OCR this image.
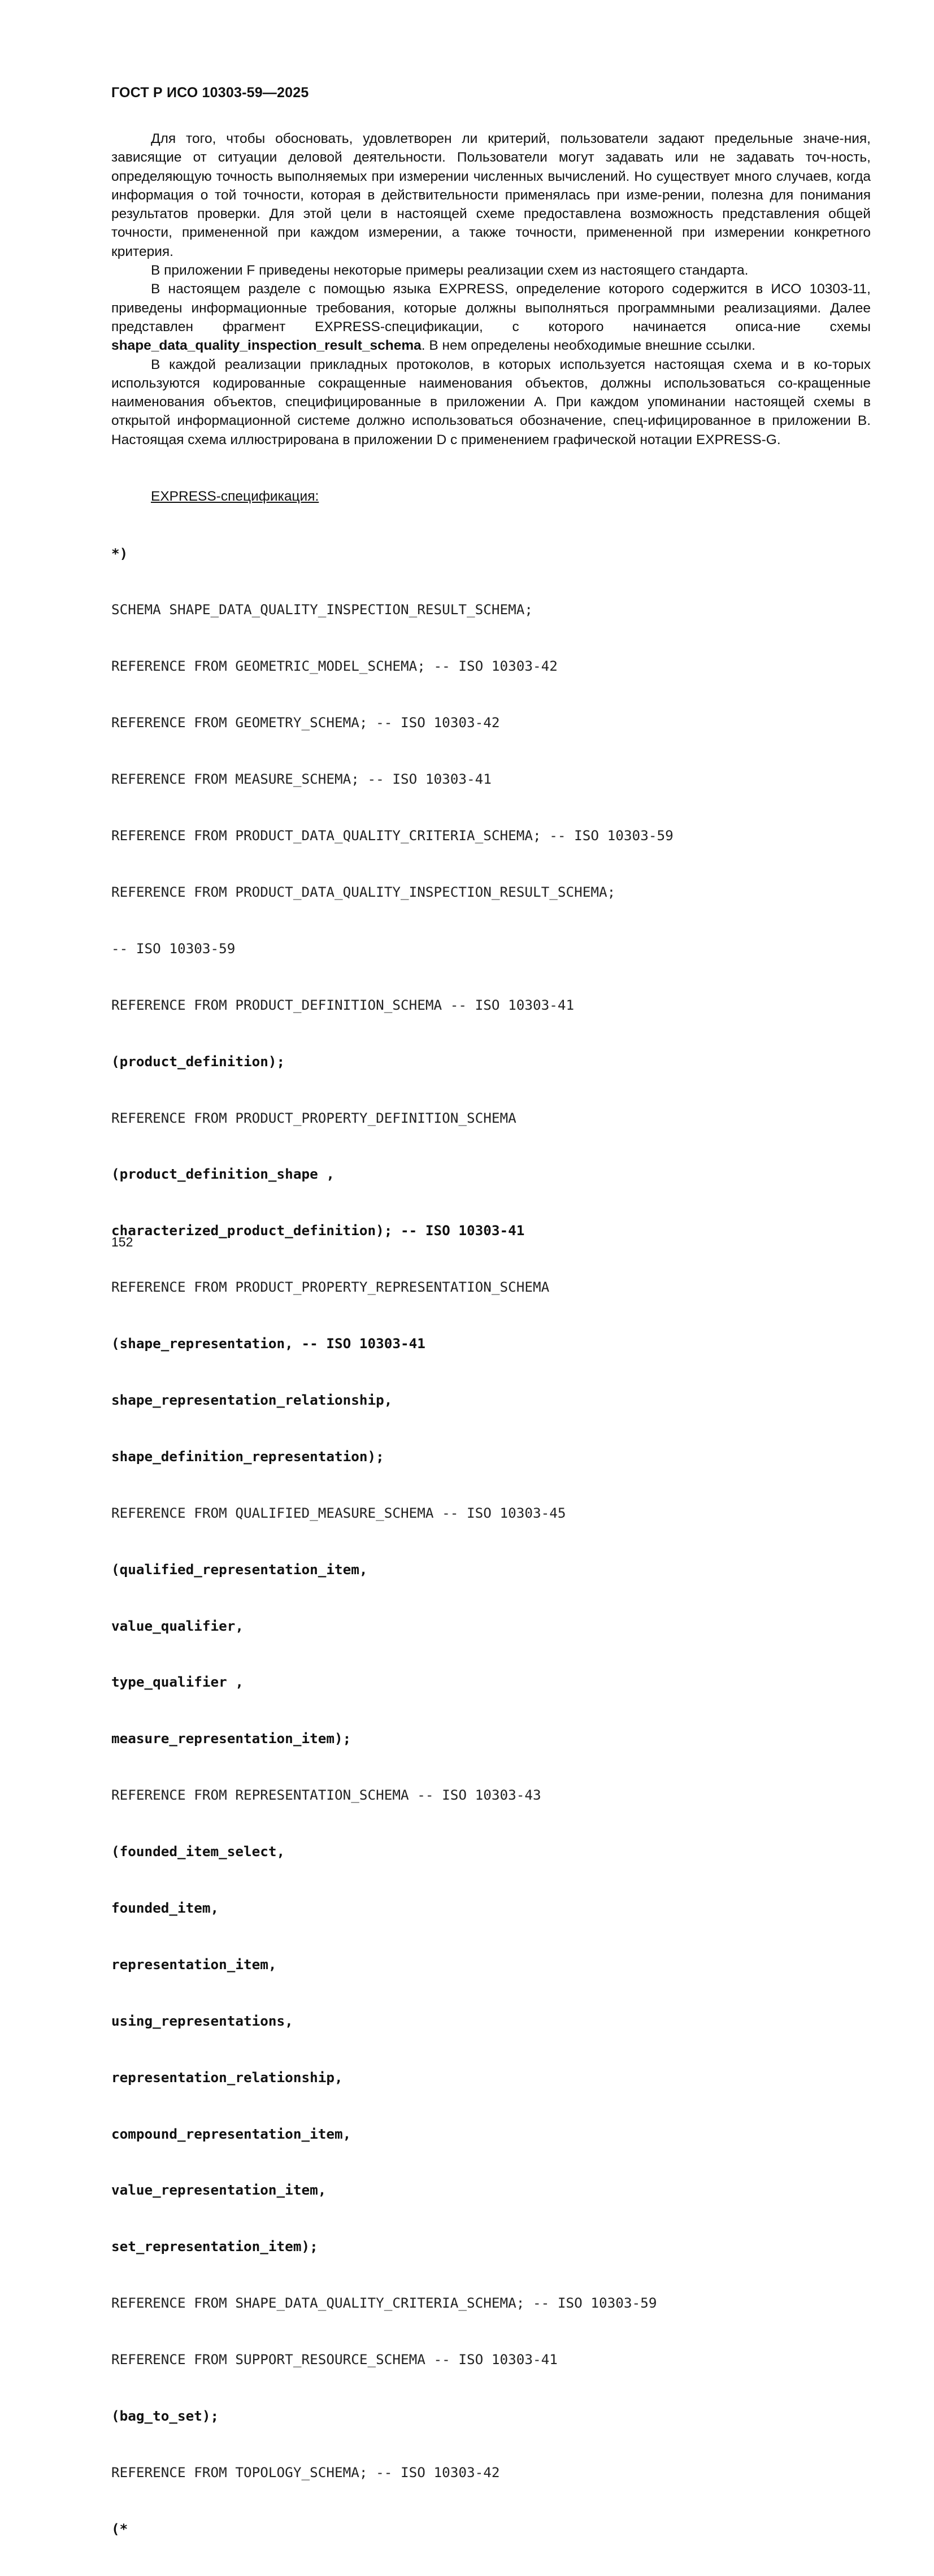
ГОСТ Р ИСО 10303-59—2025

Для того, чтобы обосновать, удовлетворен ли критерий, пользователи задают предельные значе-ния, зависящие от ситуации деловой деятельности. Пользователи могут задавать или не задавать точ-ность, определяющую точность выполняемых при измерении численных вычислений. Но существует много случаев, когда информация о той точности, которая в действительности применялась при изме-рении, полезна для понимания результатов проверки. Для этой цели в настоящей схеме предоставлена возможность представления общей точности, примененной при каждом измерении, а также точности, примененной при измерении конкретного критерия.

В приложении F приведены некоторые примеры реализации схем из настоящего стандарта.

В настоящем разделе с помощью языка EXPRESS, определение которого содержится в ИСО 10303-11, приведены информационные требования, которые должны выполняться программными реализациями. Далее представлен фрагмент EXPRESS-спецификации, с которого начинается описа-ние схемы shape_data_quality_inspection_result_schema. В нем определены необходимые внешние ссылки.

В каждой реализации прикладных протоколов, в которых используется настоящая схема и в ко-торых используются кодированные сокращенные наименования объектов, должны использоваться со-кращенные наименования объектов, специфицированные в приложении А. При каждом упоминании настоящей схемы в открытой информационной системе должно использоваться обозначение, спец-ифицированное в приложении В. Настоящая схема иллюстрирована в приложении D с применением графической нотации EXPRESS-G.

EXPRESS-спецификация:

*)

SCHEMA SHAPE_DATA_QUALITY_INSPECTION_RESULT_SCHEMA;

REFERENCE FROM GEOMETRIC_MODEL_SCHEMA; -- ISO 10303-42

REFERENCE FROM GEOMETRY_SCHEMA; -- ISO 10303-42

REFERENCE FROM MEASURE_SCHEMA; -- ISO 10303-41

REFERENCE FROM PRODUCT_DATA_QUALITY_CRITERIA_SCHEMA; -- ISO 10303-59

REFERENCE FROM PRODUCT_DATA_QUALITY_INSPECTION_RESULT_SCHEMA;

-- ISO 10303-59

REFERENCE FROM PRODUCT_DEFINITION_SCHEMA -- ISO 10303-41

(product_definition);

REFERENCE FROM PRODUCT_PROPERTY_DEFINITION_SCHEMA

(product_definition_shape ,

characterized_product_definition); -- ISO 10303-41

REFERENCE FROM PRODUCT_PROPERTY_REPRESENTATION_SCHEMA

(shape_representation, -- ISO 10303-41

shape_representation_relationship,

shape_definition_representation);

REFERENCE FROM QUALIFIED_MEASURE_SCHEMA -- ISO 10303-45

(qualified_representation_item,

value_qualifier,

type_qualifier ,

measure_representation_item);

REFERENCE FROM REPRESENTATION_SCHEMA -- ISO 10303-43

(founded_item_select,

founded_item,

representation_item,

using_representations,

representation_relationship,

compound_representation_item,

value_representation_item,

set_representation_item);

REFERENCE FROM SHAPE_DATA_QUALITY_CRITERIA_SCHEMA; -- ISO 10303-59

REFERENCE FROM SUPPORT_RESOURCE_SCHEMA -- ISO 10303-41

(bag_to_set);

REFERENCE FROM TOPOLOGY_SCHEMA; -- ISO 10303-42

(*

152
